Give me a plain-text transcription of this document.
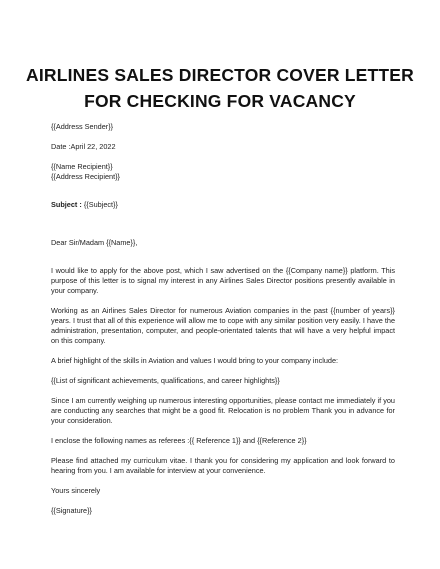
AIRLINES SALES DIRECTOR COVER LETTER
FOR CHECKING FOR VACANCY

{{Address Sender}}

Date :April 22, 2022

{{Name Recipient}}

{{Address Recipient}}

Subject : {{Subject}}

Dear Sir/Madam {{Name}},

I would like to apply for the above post, which I saw advertised on the {{Company name}} platform. This purpose of this letter is to signal my interest in any Airlines Sales Director positions presently available in your company.

Working as an Airlines Sales Director for numerous Aviation companies in the past {{number of years}} years. I trust that all of this experience will allow me to cope with any similar position very easily. I have the administration, presentation, computer, and people-orientated talents that will have a very helpful impact on this company.

A brief highlight of the skills in Aviation and values I would bring to your company include:

{{List of significant achievements, qualifications, and career highlights}}

Since I am currently weighing up numerous interesting opportunities, please contact me immediately if you are conducting any searches that might be a good fit. Relocation is no problem Thank you in advance for your consideration.

I enclose the following names as referees :{{ Reference 1}} and {{Reference 2}}

Please find attached my curriculum vitae. I thank you for considering my application and look forward to hearing from you. I am available for interview at your convenience.

Yours sincerely

{{Signature}}
